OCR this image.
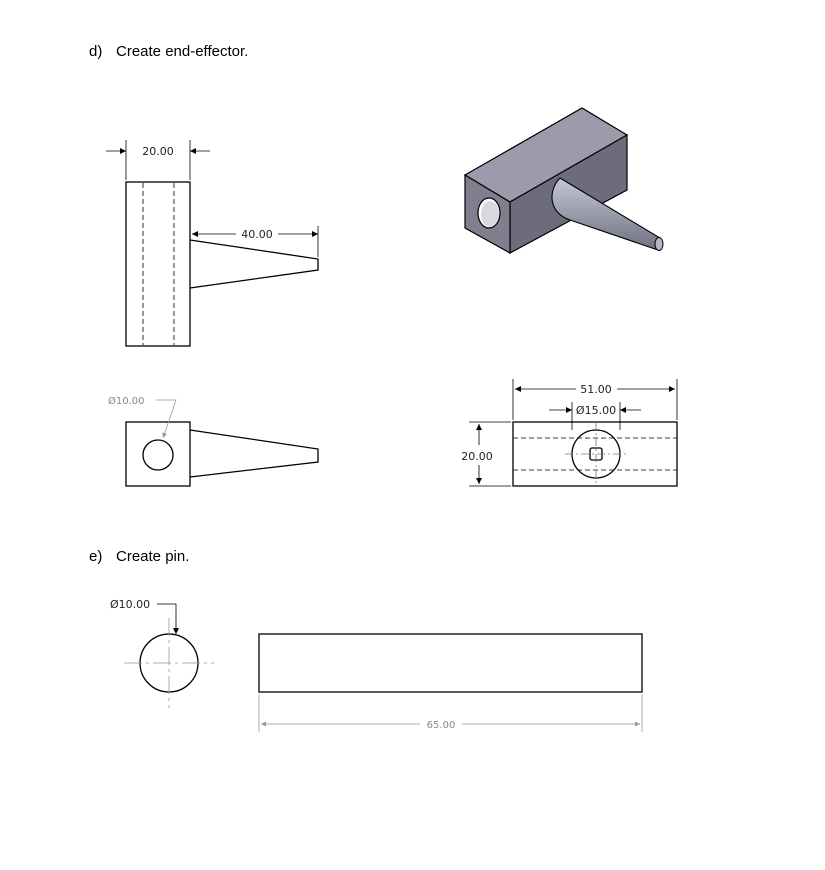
d) Create end-effector.
e) Create pin.
20.00
40.00
Ø10.00
51.00
Ø15.00
20.00
Ø10.00
65.00
